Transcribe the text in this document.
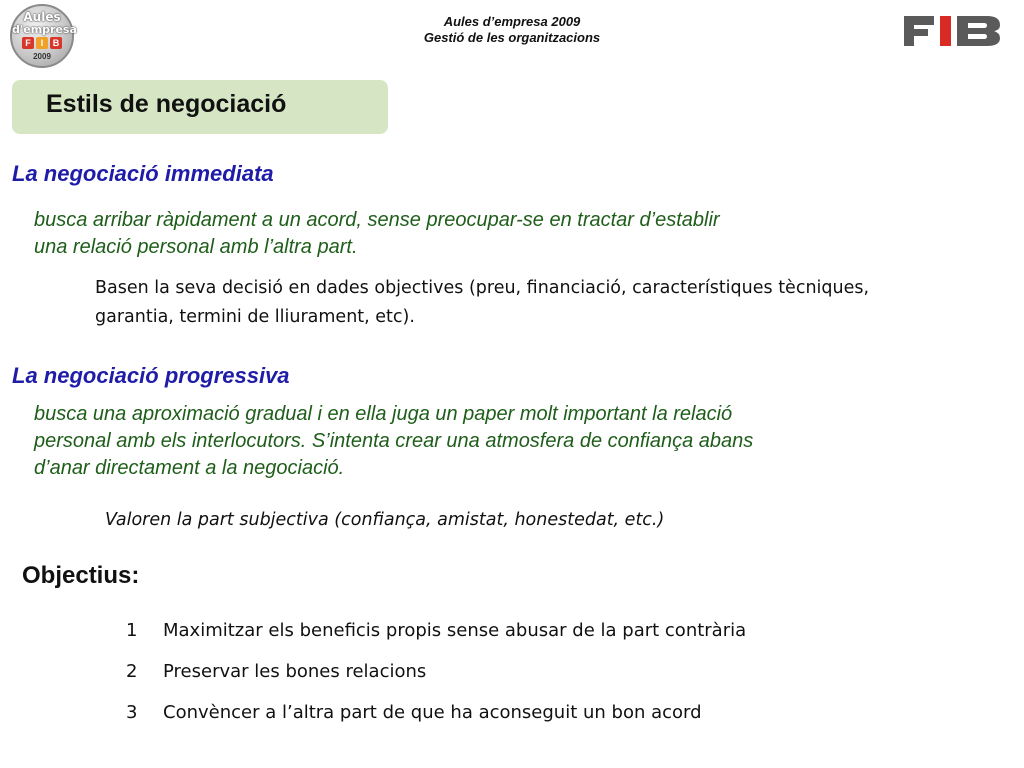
Aules
d'empresa
F	I	B
2009
Aules d’empresa 2009
Gestió de les organitzacions
Estils de negociació
La negociació immediata
busca arribar ràpidament a un acord, sense preocupar-se en tractar d’establir
una relació personal amb l’altra part.
Basen la seva decisió en dades objectives (preu, financiació, característiques tècniques,
garantia, termini de lliurament, etc).
La negociació progressiva
busca una aproximació gradual i en ella juga un paper molt important la relació
personal amb els interlocutors. S’intenta crear una atmosfera de confiança abans
d’anar directament a la negociació.
Valoren la part subjectiva (confiança, amistat, honestedat, etc.)
Objectius:
1	Maximitzar els beneficis propis sense abusar de la part contrària
2	Preservar les bones relacions
3	Convèncer a l’altra part de que ha aconseguit un bon acord
